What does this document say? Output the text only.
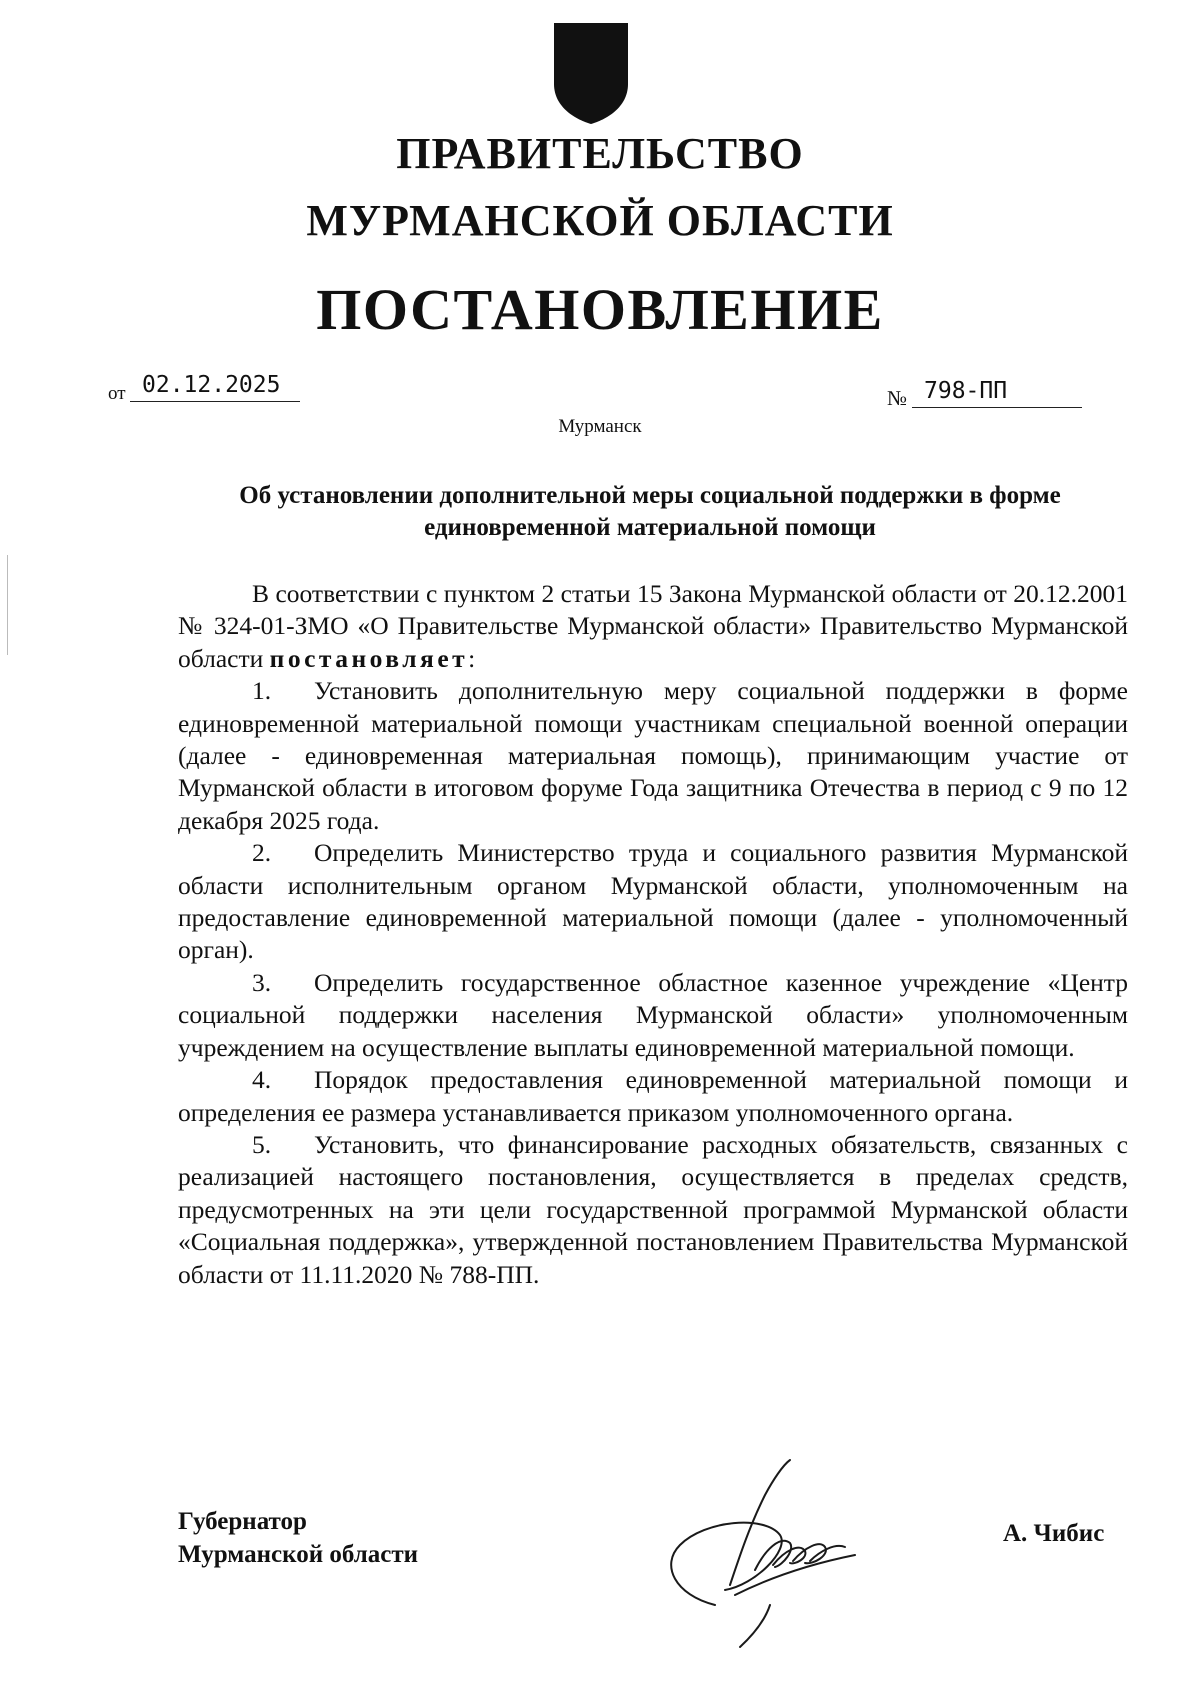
ПРАВИТЕЛЬСТВО
МУРМАНСКОЙ ОБЛАСТИ
ПОСТАНОВЛЕНИЕ
от 02.12.2025	№ 798-ПП
Мурманск
Об установлении дополнительной меры социальной поддержки в форме
единовременной материальной помощи

В соответствии с пунктом 2 статьи 15 Закона Мурманской области от 20.12.2001 № 324-01-ЗМО «О Правительстве Мурманской области» Правительство Мурманской области постановляет:

1. Установить дополнительную меру социальной поддержки в форме единовременной материальной помощи участникам специальной военной операции (далее - единовременная материальная помощь), принимающим участие от Мурманской области в итоговом форуме Года защитника Отечества в период с 9 по 12 декабря 2025 года.

2. Определить Министерство труда и социального развития Мурманской области исполнительным органом Мурманской области, уполномоченным на предоставление единовременной материальной помощи (далее - уполномоченный орган).

3. Определить государственное областное казенное учреждение «Центр социальной поддержки населения Мурманской области» уполномоченным учреждением на осуществление выплаты единовременной материальной помощи.

4. Порядок предоставления единовременной материальной помощи и определения ее размера устанавливается приказом уполномоченного органа.

5. Установить, что финансирование расходных обязательств, связанных с реализацией настоящего постановления, осуществляется в пределах средств, предусмотренных на эти цели государственной программой Мурманской области «Социальная поддержка», утвержденной постановлением Правительства Мурманской области от 11.11.2020 № 788-ПП.

Губернатор
Мурманской области
А. Чибис
